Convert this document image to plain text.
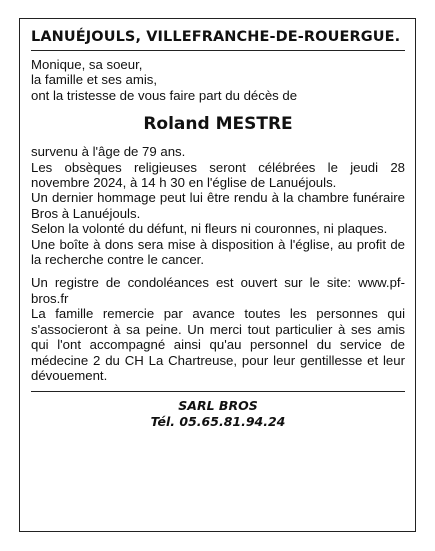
LANUÉJOULS, VILLEFRANCHE-DE-ROUERGUE.

Monique, sa soeur,

la famille et ses amis,

ont la tristesse de vous faire part du décès de

Roland MESTRE

survenu à l'âge de 79 ans.

Les obsèques religieuses seront célébrées le jeudi 28 novembre 2024, à 14 h 30 en l'église de Lanuéjouls.

Un dernier hommage peut lui être rendu à la chambre funéraire Bros à Lanuéjouls.

Selon la volonté du défunt, ni fleurs ni couronnes, ni plaques.

Une boîte à dons sera mise à disposition à l'église, au profit de la recherche contre le cancer.

Un registre de condoléances est ouvert sur le site: www.pf-bros.fr

La famille remercie par avance toutes les personnes qui s'associeront à sa peine. Un merci tout particulier à ses amis qui l'ont accompagné ainsi qu'au personnel du service de médecine 2 du CH La Chartreuse, pour leur gentillesse et leur dévouement.

SARL BROS
Tél. 05.65.81.94.24
